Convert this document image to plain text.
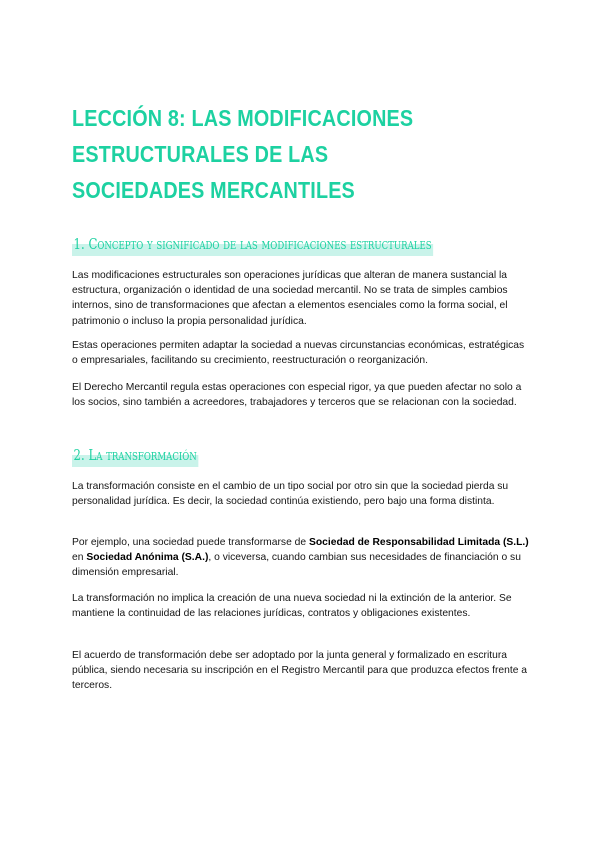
LECCIÓN 8: LAS MODIFICACIONES ESTRUCTURALES DE LAS SOCIEDADES MERCANTILES
1. Concepto y significado de las modificaciones estructurales

Las modificaciones estructurales son operaciones jurídicas que alteran de manera sustancial la estructura, organización o identidad de una sociedad mercantil. No se trata de simples cambios internos, sino de transformaciones que afectan a elementos esenciales como la forma social, el patrimonio o incluso la propia personalidad jurídica.

Estas operaciones permiten adaptar la sociedad a nuevas circunstancias económicas, estratégicas o empresariales, facilitando su crecimiento, reestructuración o reorganización.

El Derecho Mercantil regula estas operaciones con especial rigor, ya que pueden afectar no solo a los socios, sino también a acreedores, trabajadores y terceros que se relacionan con la sociedad.

2. La transformación

La transformación consiste en el cambio de un tipo social por otro sin que la sociedad pierda su personalidad jurídica. Es decir, la sociedad continúa existiendo, pero bajo una forma distinta.

Por ejemplo, una sociedad puede transformarse de Sociedad de Responsabilidad Limitada (S.L.) en Sociedad Anónima (S.A.), o viceversa, cuando cambian sus necesidades de financiación o su dimensión empresarial.

La transformación no implica la creación de una nueva sociedad ni la extinción de la anterior. Se mantiene la continuidad de las relaciones jurídicas, contratos y obligaciones existentes.

El acuerdo de transformación debe ser adoptado por la junta general y formalizado en escritura pública, siendo necesaria su inscripción en el Registro Mercantil para que produzca efectos frente a terceros.
